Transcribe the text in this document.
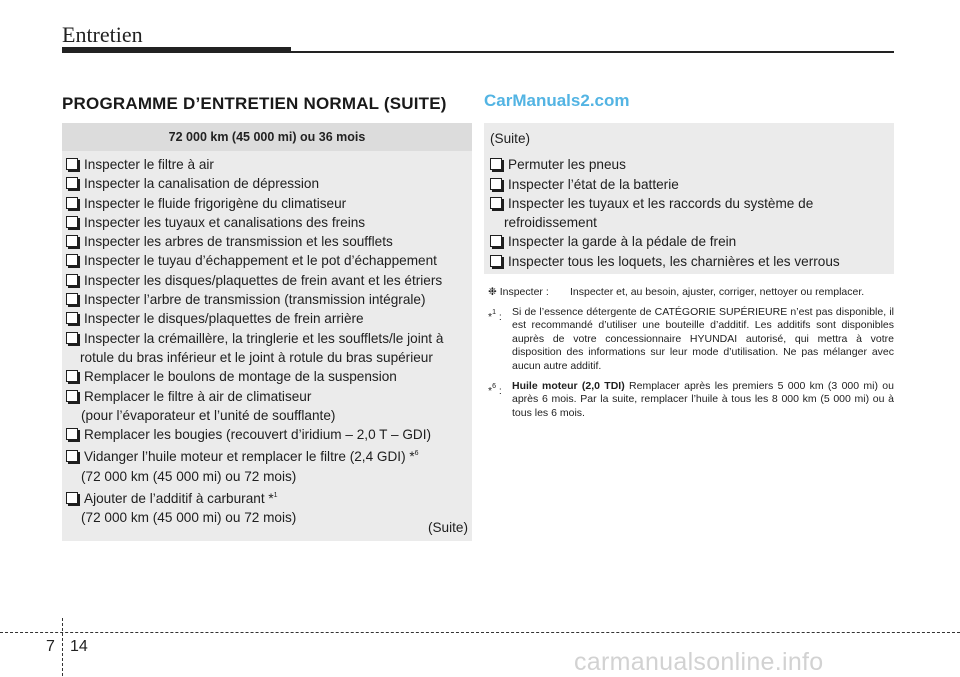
Entretien
PROGRAMME D’ENTRETIEN NORMAL (SUITE) CarManuals2.com
72 000 km (45 000 mi) ou 36 mois
Inspecter le filtre à air
Inspecter la canalisation de dépression
Inspecter le fluide frigorigène du climatiseur
Inspecter les tuyaux et canalisations des freins
Inspecter les arbres de transmission et les soufflets
Inspecter le tuyau d’échappement et le pot d’échappement
Inspecter les disques/plaquettes de frein avant et les étriers
Inspecter l’arbre de transmission (transmission intégrale)
Inspecter le disques/plaquettes de frein arrière
Inspecter la crémaillère, la tringlerie et les soufflets/le joint à
rotule du bras inférieur et le joint à rotule du bras supérieur
Remplacer le boulons de montage de la suspension
Remplacer le filtre à air de climatiseur
(pour l’évaporateur et l’unité de soufflante)
Remplacer les bougies (recouvert d’iridium – 2,0 T – GDI)
Vidanger l’huile moteur et remplacer le filtre (2,4 GDI) *$^6$
(72 000 km (45 000 mi) ou 72 mois)
Ajouter de l’additif à carburant *$^1$
(72 000 km (45 000 mi) ou 72 mois)
(Suite)
(Suite)
Permuter les pneus
Inspecter l’état de la batterie
Inspecter les tuyaux et les raccords du système de
refroidissement
Inspecter la garde à la pédale de frein
Inspecter tous les loquets, les charnières et les verrous
❉ Inspecter :	Inspecter et, au besoin, ajuster, corriger, nettoyer ou remplacer.
*$^1$ : Si de l’essence détergente de CATÉGORIE SUPÉRIEURE n’est pas disponible, il est recommandé d’utiliser une bouteille d’additif. Les additifs sont disponibles auprès de votre concessionnaire HYUNDAI autorisé, qui mettra à votre disposition des informations sur leur mode d’utilisation. Ne pas mélanger avec aucun autre additif.
*$^6$ : Huile moteur (2,0 TDI) Remplacer après les premiers 5 000 km (3 000 mi) ou après 6 mois. Par la suite, remplacer l’huile à tous les 8 000 km (5 000 mi) ou à tous les 6 mois.
7 14
carmanualsonline.info
